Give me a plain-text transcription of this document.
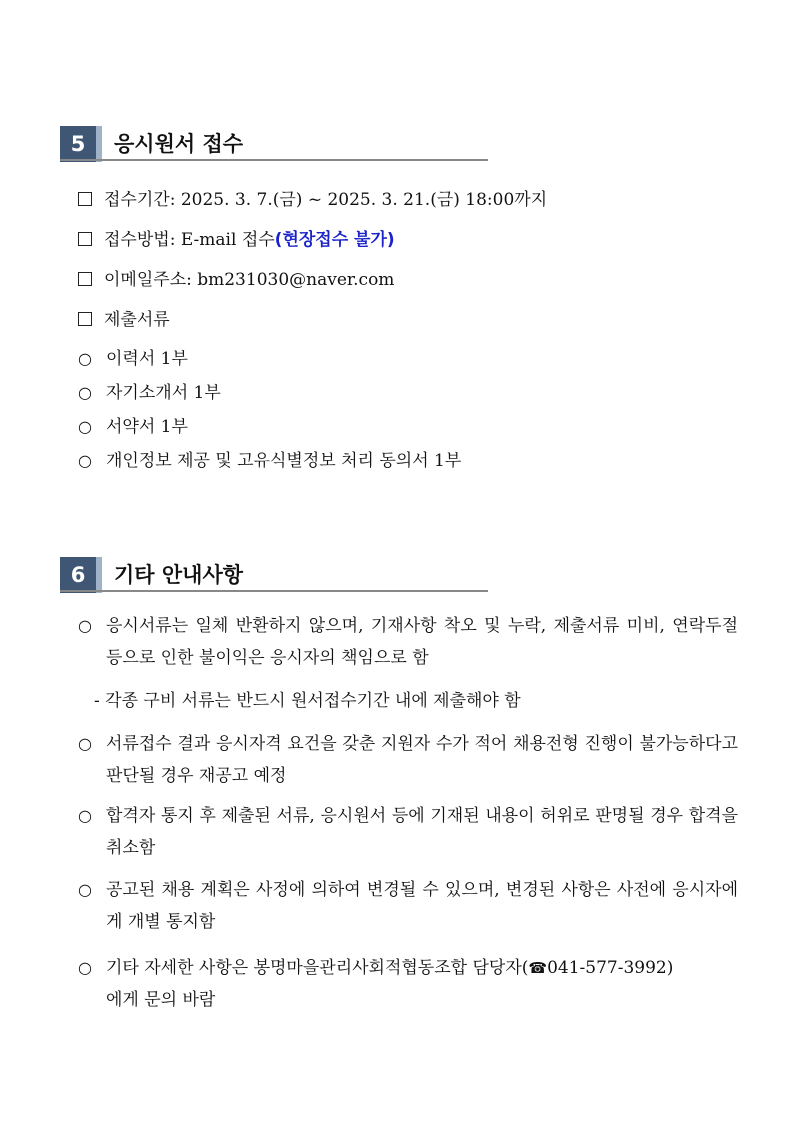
5	응시원서 접수
접수기간: 2025. 3. 7.(금) ~ 2025. 3. 21.(금) 18:00까지
접수방법: E-mail 접수(현장접수 불가)
이메일주소: bm231030@naver.com
제출서류
○ 이력서 1부
○ 자기소개서 1부
○ 서약서 1부
○ 개인정보 제공 및 고유식별정보 처리 동의서 1부
6	기타 안내사항
○ 응시서류는 일체 반환하지 않으며, 기재사항 착오 및 누락, 제출서류 미비, 연락두절 등으로 인한 불이익은 응시자의 책임으로 함
- 각종 구비 서류는 반드시 원서접수기간 내에 제출해야 함
○ 서류접수 결과 응시자격 요건을 갖춘 지원자 수가 적어 채용전형 진행이 불가능하다고 판단될 경우 재공고 예정
○ 합격자 통지 후 제출된 서류, 응시원서 등에 기재된 내용이 허위로 판명될 경우 합격을 취소함
○ 공고된 채용 계획은 사정에 의하여 변경될 수 있으며, 변경된 사항은 사전에 응시자에게 개별 통지함
○ 기타 자세한 사항은 봉명마을관리사회적협동조합 담당자(☎041-577-3992)
에게 문의 바람
